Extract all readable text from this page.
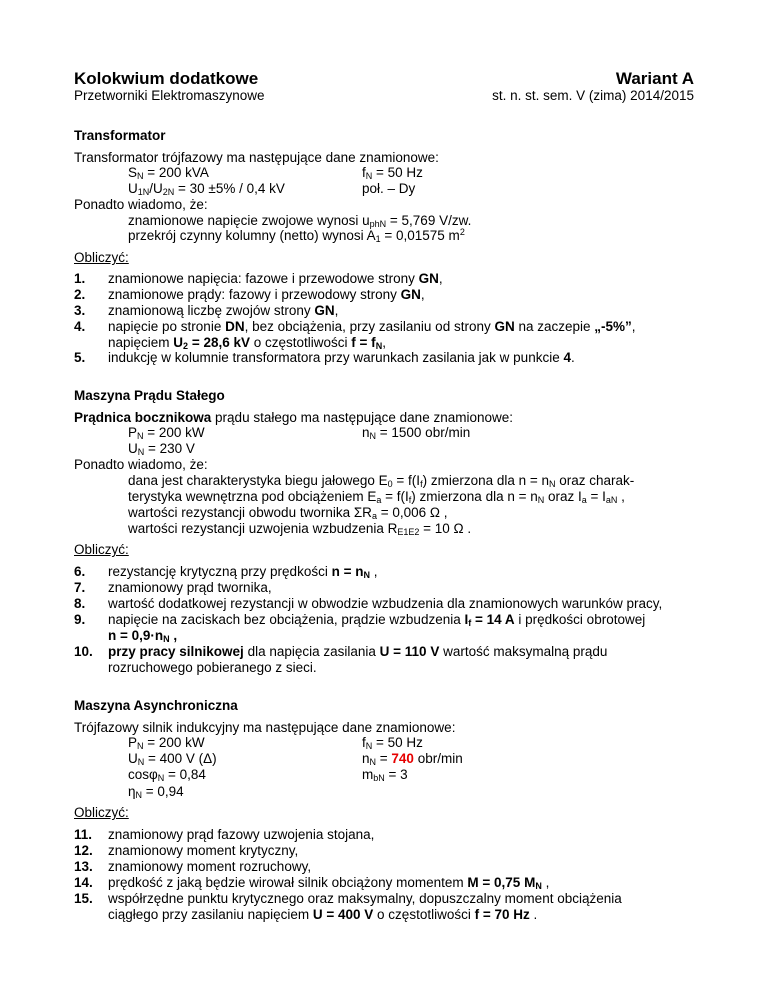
Kolokwium dodatkowe	Wariant A
Przetworniki Elektromaszynowe	st. n. st. sem. V (zima) 2014/2015
Transformator
Transformator trójfazowy ma następujące dane znamionowe:
$S_N = 200$ kVA	$f_N = 50$ Hz
$U_{1N}/U_{2N} = 30 \pm 5\% / 0,4$ kV	poł. – Dy
Ponadto wiadomo, że:
znamionowe napięcie zwojowe wynosi $u_{phN} = 5,769$ V/zw.
przekrój czynny kolumny (netto) wynosi $A_1 = 0,01575$ $m^2$
Obliczyć:
1. znamionowe napięcia: fazowe i przewodowe strony GN,
2. znamionowe prądy: fazowy i przewodowy strony GN,
3. znamionową liczbę zwojów strony GN,
4. napięcie po stronie DN, bez obciążenia, przy zasilaniu od strony GN na zaczepie „-5%”,
napięciem $U_2 = 28,6$ kV o częstotliwości $f = f_N$,
5. indukcję w kolumnie transformatora przy warunkach zasilania jak w punkcie 4.
Maszyna Prądu Stałego
Prądnica bocznikowa prądu stałego ma następujące dane znamionowe:
$P_N = 200$ kW	$n_N = 1500$ obr/min
$U_N = 230$ V
Ponadto wiadomo, że:
dana jest charakterystyka biegu jałowego $E_0 = f(I_f)$ zmierzona dla $n = n_N$ oraz charak-
terystyka wewnętrzna pod obciążeniem $E_a = f(I_f)$ zmierzona dla $n = n_N$ oraz $I_a = I_{aN}$ ,
wartości rezystancji obwodu twornika $\Sigma R_a = 0,006$ Ω ,
wartości rezystancji uzwojenia wzbudzenia $R_{E1E2} = 10$ Ω .
Obliczyć:
6. rezystancję krytyczną przy prędkości $n = n_N$ ,
7. znamionowy prąd twornika,
8. wartość dodatkowej rezystancji w obwodzie wzbudzenia dla znamionowych warunków pracy,
9. napięcie na zaciskach bez obciążenia, prądzie wzbudzenia $I_f = 14$ A i prędkości obrotowej
$n = 0,9\cdot n_N$ ,
10. przy pracy silnikowej dla napięcia zasilania U = 110 V wartość maksymalną prądu
rozruchowego pobieranego z sieci.
Maszyna Asynchroniczna
Trójfazowy silnik indukcyjny ma następujące dane znamionowe:
$P_N = 200$ kW	$f_N = 50$ Hz
$U_N = 400$ V (Δ)	$n_N = 740$ obr/min
cosφ$_N$ = 0,84	$m_{bN} = 3$
$\eta_N = 0,94$
Obliczyć:
11. znamionowy prąd fazowy uzwojenia stojana,
12. znamionowy moment krytyczny,
13. znamionowy moment rozruchowy,
14. prędkość z jaką będzie wirował silnik obciążony momentem M = 0,75 $M_N$ ,
15. współrzędne punktu krytycznego oraz maksymalny, dopuszczalny moment obciążenia
ciągłego przy zasilaniu napięciem U = 400 V o częstotliwości f = 70 Hz .
